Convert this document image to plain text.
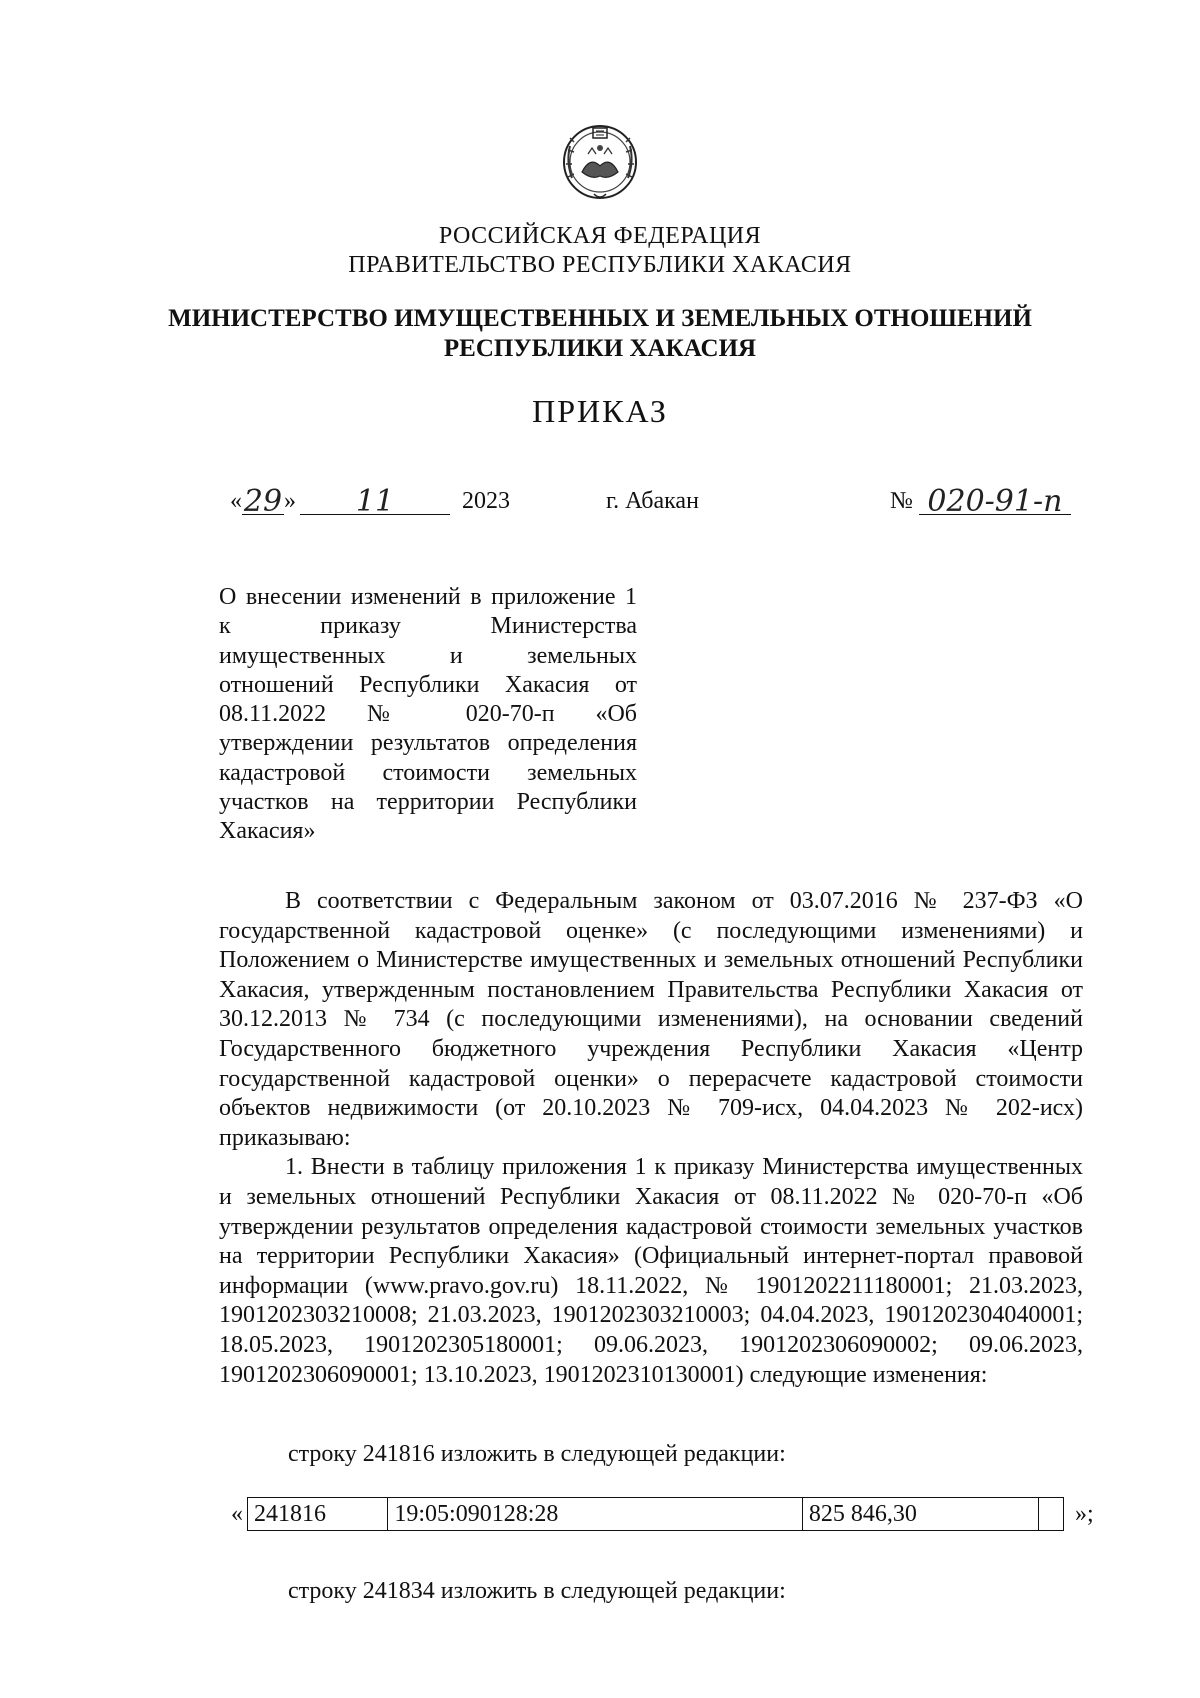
РОССИЙСКАЯ ФЕДЕРАЦИЯ
ПРАВИТЕЛЬСТВО РЕСПУБЛИКИ ХАКАСИЯ
МИНИСТЕРСТВО ИМУЩЕСТВЕННЫХ И ЗЕМЕЛЬНЫХ ОТНОШЕНИЙ
РЕСПУБЛИКИ ХАКАСИЯ
ПРИКАЗ
«29» 11	2023	г. Абакан	№ 020-91-п
О внесении изменений в приложение 1 к приказу Министерства имущественных и земельных отношений Республики Хакасия от 08.11.2022 № 020-70-п «Об утверждении результатов определения кадастровой стоимости земельных участков на территории Республики Хакасия»

В соответствии с Федеральным законом от 03.07.2016 № 237-ФЗ «О государственной кадастровой оценке» (с последующими изменениями) и Положением о Министерстве имущественных и земельных отношений Республики Хакасия, утвержденным постановлением Правительства Республики Хакасия от 30.12.2013 № 734 (с последующими изменениями), на основании сведений Государственного бюджетного учреждения Республики Хакасия «Центр государственной кадастровой оценки» о перерасчете кадастровой стоимости объектов недвижимости (от 20.10.2023 № 709-исх, 04.04.2023 № 202-исх) приказываю:

1. Внести в таблицу приложения 1 к приказу Министерства имущественных и земельных отношений Республики Хакасия от 08.11.2022 № 020-70-п «Об утверждении результатов определения кадастровой стоимости земельных участков на территории Республики Хакасия» (Официальный интернет-портал правовой информации (www.pravo.gov.ru) 18.11.2022, № 1901202211180001; 21.03.2023, 1901202303210008; 21.03.2023, 1901202303210003; 04.04.2023, 1901202304040001; 18.05.2023, 1901202305180001; 09.06.2023, 1901202306090002; 09.06.2023, 1901202306090001; 13.10.2023, 1901202310130001) следующие изменения:

строку 241816 изложить в следующей редакции:
« 241816	19:05:090128:28	825 846,30		»;
строку 241834 изложить в следующей редакции:
